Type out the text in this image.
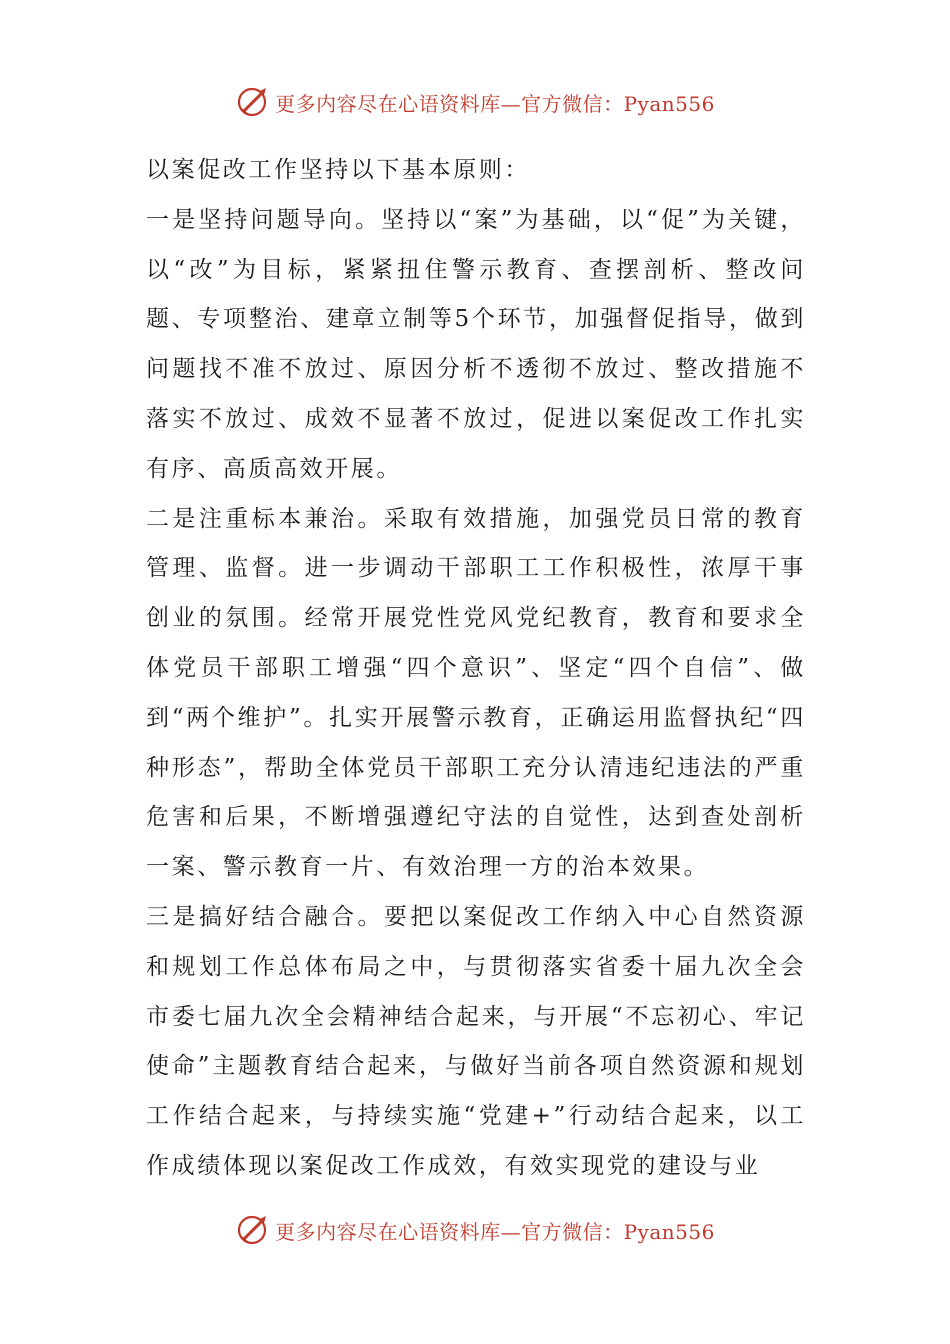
更多内容尽在心语资料库—官方微信：Pyan556

以案促改工作坚持以下基本原则：

一是坚持问题导向。坚持以“案”为基础，以“促”为关键，以“改”为目标，紧紧扭住警示教育、查摆剖析、整改问题、专项整治、建章立制等5个环节，加强督促指导，做到问题找不准不放过、原因分析不透彻不放过、整改措施不落实不放过、成效不显著不放过，促进以案促改工作扎实有序、高质高效开展。

二是注重标本兼治。采取有效措施，加强党员日常的教育管理、监督。进一步调动干部职工工作积极性，浓厚干事创业的氛围。经常开展党性党风党纪教育，教育和要求全体党员干部职工增强“四个意识”、坚定“四个自信”、做到“两个维护”。扎实开展警示教育，正确运用监督执纪“四种形态”，帮助全体党员干部职工充分认清违纪违法的严重危害和后果，不断增强遵纪守法的自觉性，达到查处剖析一案、警示教育一片、有效治理一方的治本效果。

三是搞好结合融合。要把以案促改工作纳入中心自然资源和规划工作总体布局之中，与贯彻落实省委十届九次全会市委七届九次全会精神结合起来，与开展“不忘初心、牢记使命”主题教育结合起来，与做好当前各项自然资源和规划工作结合起来，与持续实施“党建+”行动结合起来，以工作成绩体现以案促改工作成效，有效实现党的建设与业

更多内容尽在心语资料库—官方微信：Pyan556
